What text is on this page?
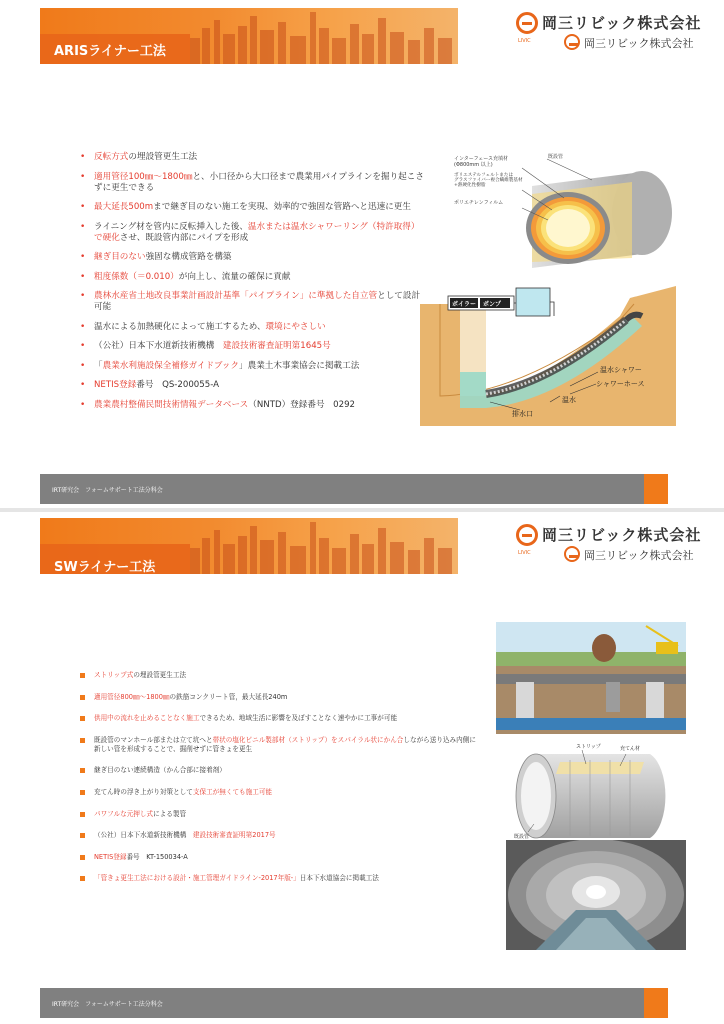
ARISライナー工法
岡三リビック株式会社
LIVIC	岡三リビック株式会社
• 反転方式の埋設管更生工法
• 適用管径100㎜～1800㎜と、小口径から大口径まで農業用パイプラインを掘り起こさずに更生できる
• 最大延長500mまで継ぎ目のない施工を実現、効率的で強固な管路へと迅速に更生
• ライニング材を管内に反転挿入した後、温水または温水シャワーリング（特許取得）で硬化させ、既設管内部にパイプを形成
• 継ぎ目のない強固な構成管路を構築
• 粗度係数（＝0.010）が向上し、流量の確保に貢献
• 農林水産省土地改良事業計画設計基準「パイプライン」に準拠した自立管として設計可能
• 温水による加熱硬化によって施工するため、環境にやさしい
• （公社）日本下水道新技術機構　建設技術審査証明第1645号
• 「農業水利施設保全補修ガイドブック」農業土木事業協会に掲載工法
• NETIS登録番号　QS-200055-A
• 農業農村整備民間技術情報データベース（NNTD）登録番号　0292
インターフェース充填材
(Φ800mm 以上)
既設管
ポリエステルフェルトまたは
グラスファイバー複合繊維製基材
+熱硬化性樹脂
ポリエチレンフィルム
ボイラー ポンプ
温水シャワー
シャワーホース
温水
排水口
IRT研究会　フォームサポート工法分科会
SWライナー工法
岡三リビック株式会社
LIVIC	岡三リビック株式会社
ストリップ式の埋設管更生工法
適用管径800㎜～1800㎜の鉄筋コンクリート管，最大延長240m
供用中の流れを止めることなく施工できるため、地域生活に影響を及ぼすことなく速やかに工事が可能
既設管のマンホール部または立て坑へと帯状の塩化ビニル製部材（ストリップ）をスパイラル状にかん合しながら送り込み内側に新しい管を形成することで、掘削せずに管きょを更生
継ぎ目のない連続構造（かん合部に接着剤）
充てん時の浮き上がり対策として支保工が無くても施工可能
パワフルな元押し式による製管
（公社）日本下水道新技術機構　建設技術審査証明第2017号
NETIS登録番号　KT-150034-A
「管きょ更生工法における設計・施工管理ガイドライン-2017年版-」日本下水道協会に掲載工法
ストリップ	充てん材
既設管
IRT研究会　フォームサポート工法分科会
